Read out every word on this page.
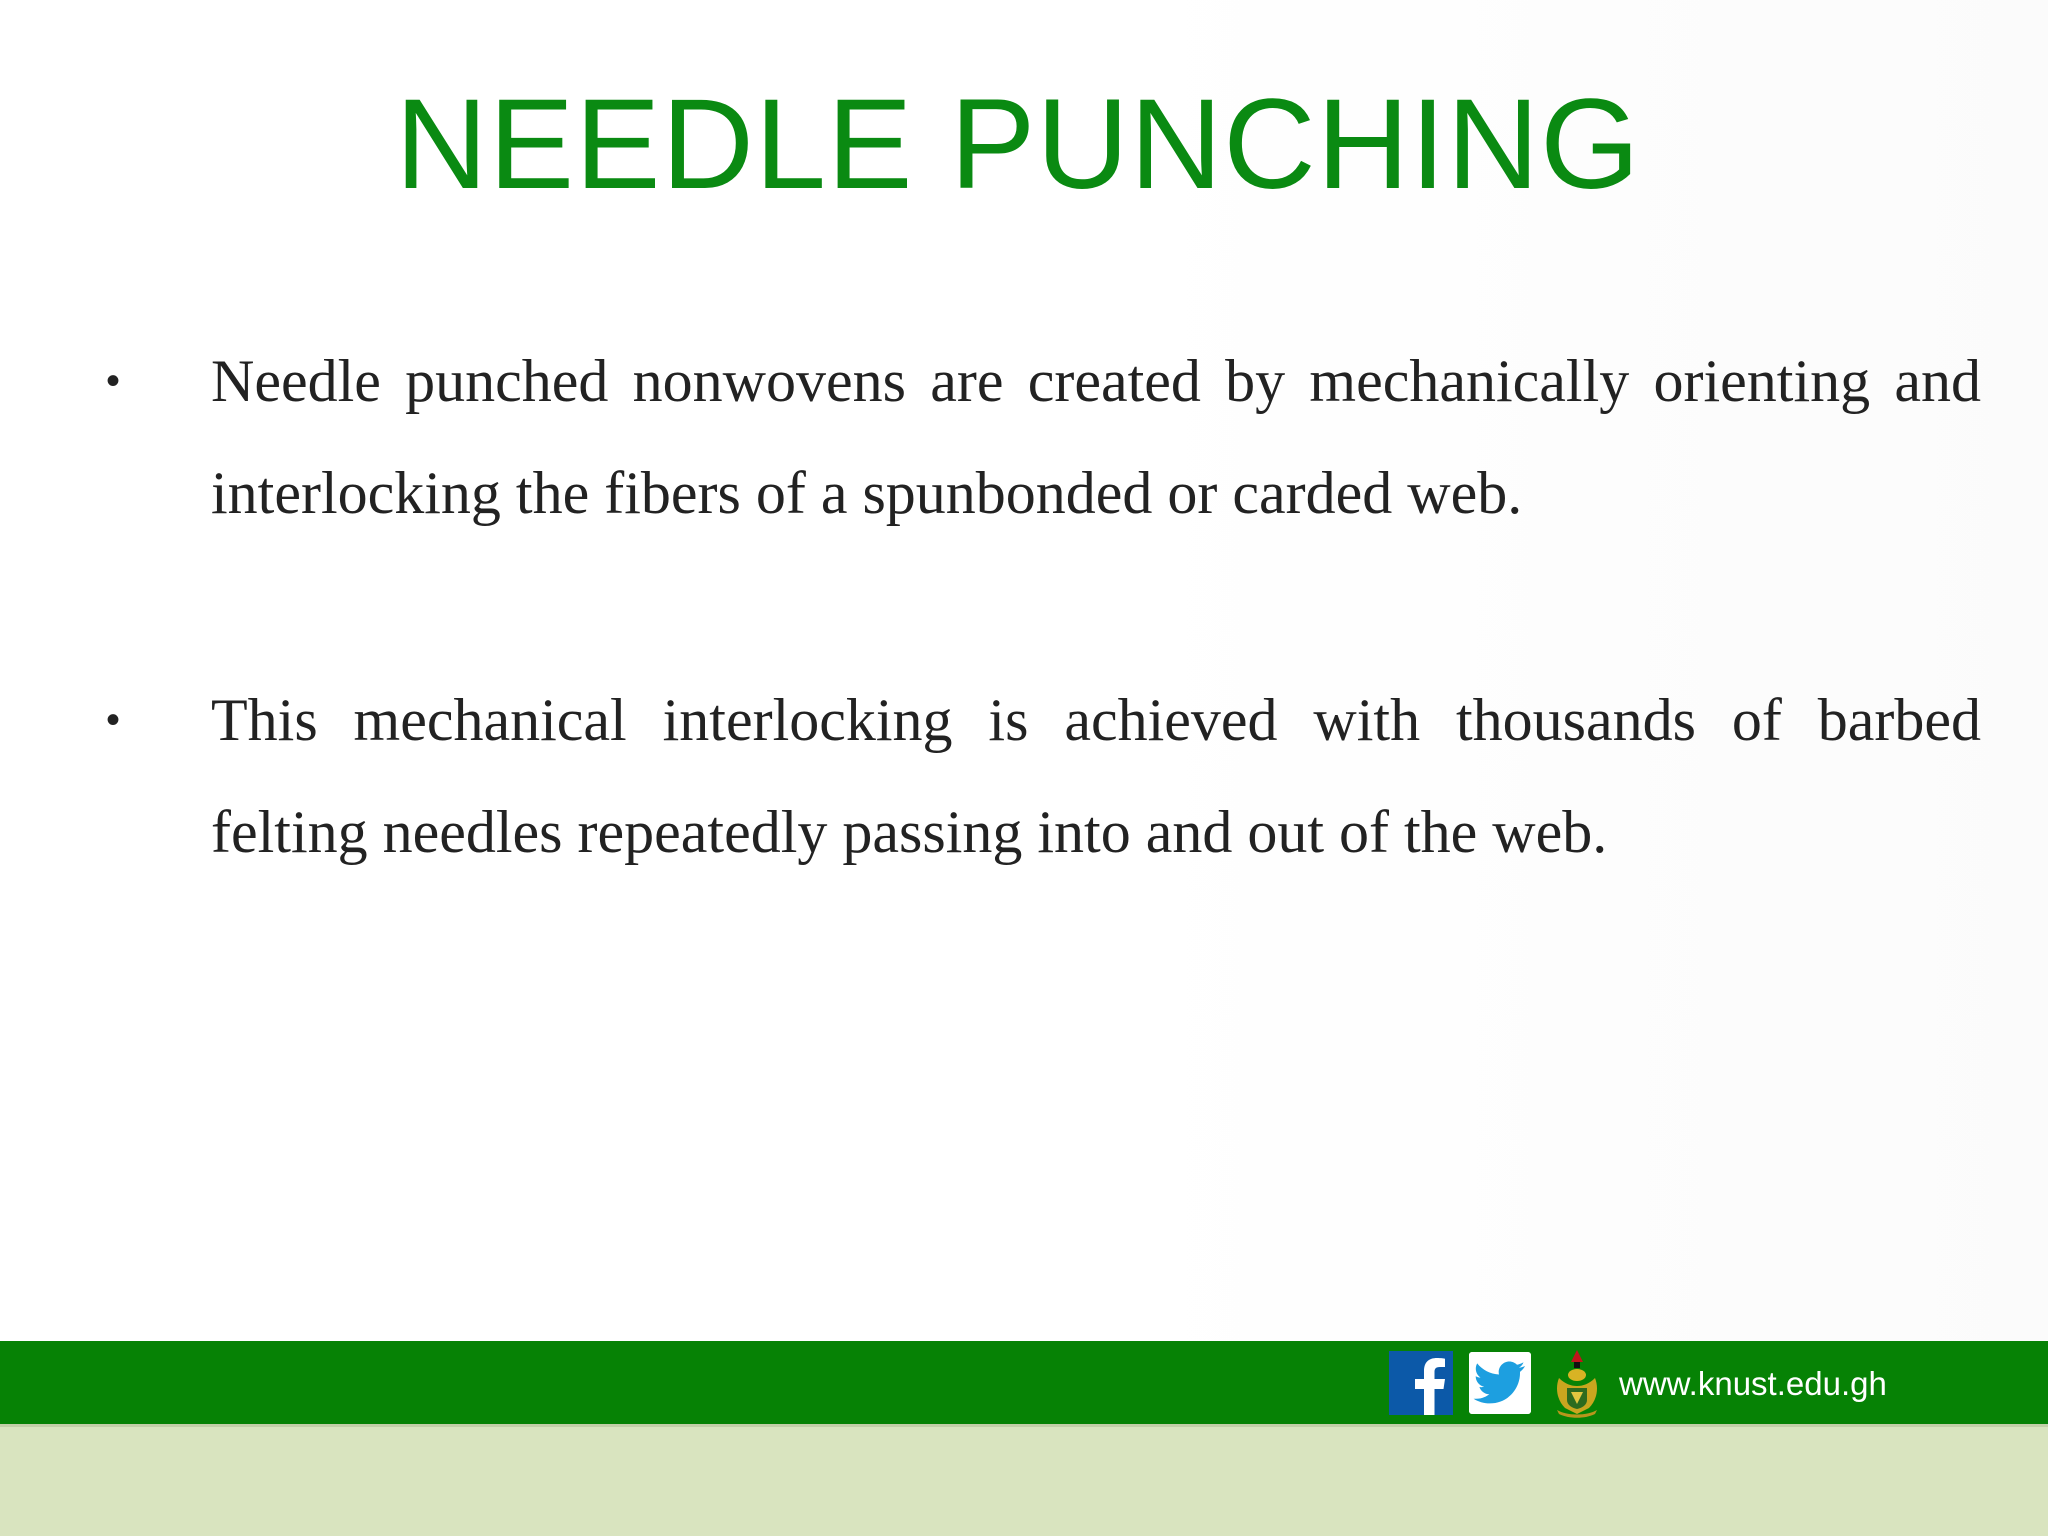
NEEDLE PUNCHING
• Needle punched nonwovens are created by mechanically orienting and interlocking the fibers of a spunbonded or carded web.
• This mechanical interlocking is achieved with thousands of barbed felting needles repeatedly passing into and out of the web.
www.knust.edu.gh
